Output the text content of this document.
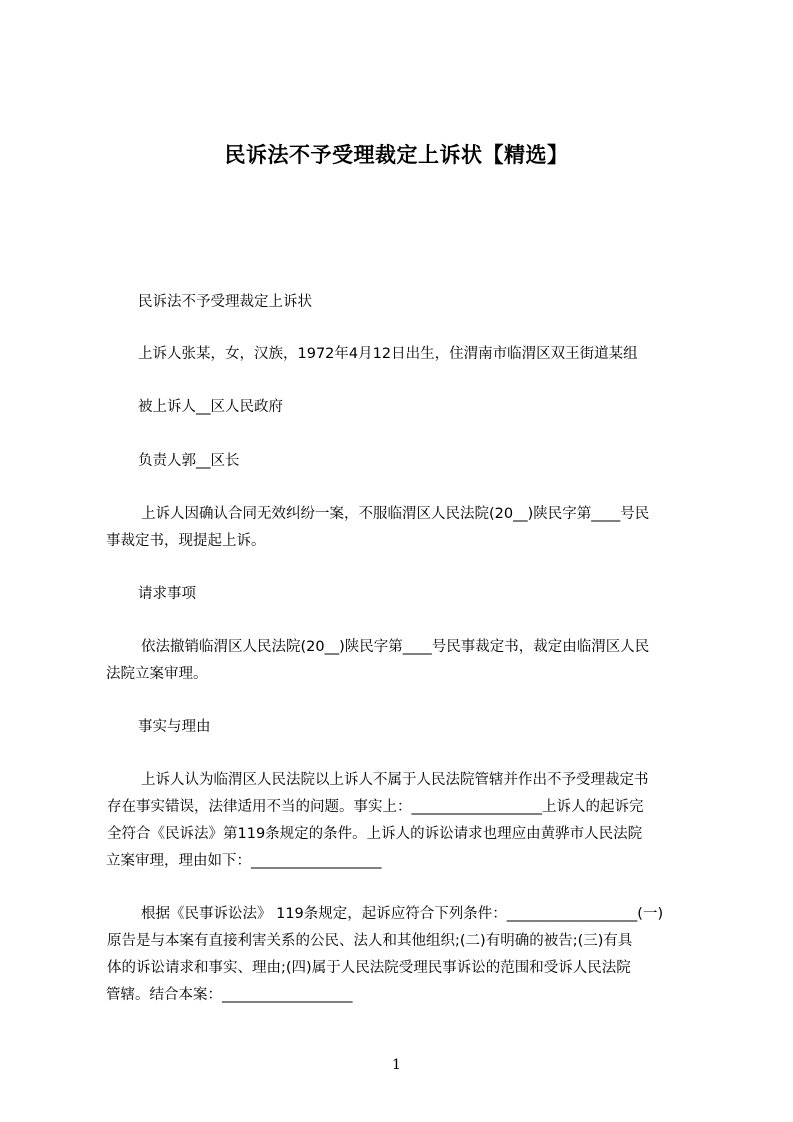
民诉法不予受理裁定上诉状【精选】
民诉法不予受理裁定上诉状
上诉人张某，女，汉族，1972年4月12日出生，住渭南市临渭区双王街道某组
被上诉人__区人民政府
负责人郭__区长
上诉人因确认合同无效纠纷一案，不服临渭区人民法院(20__)陕民字第____号民
事裁定书，现提起上诉。
请求事项
依法撤销临渭区人民法院(20__)陕民字第____号民事裁定书，裁定由临渭区人民
法院立案审理。
事实与理由
上诉人认为临渭区人民法院以上诉人不属于人民法院管辖并作出不予受理裁定书
存在事实错误，法律适用不当的问题。事实上：__________________上诉人的起诉完
全符合《民诉法》第119条规定的条件。上诉人的诉讼请求也理应由黄骅市人民法院
立案审理，理由如下：__________________
根据《民事诉讼法》 119条规定，起诉应符合下列条件：__________________(一)
原告是与本案有直接利害关系的公民、法人和其他组织;(二)有明确的被告;(三)有具
体的诉讼请求和事实、理由;(四)属于人民法院受理民事诉讼的范围和受诉人民法院
管辖。结合本案：__________________
1
